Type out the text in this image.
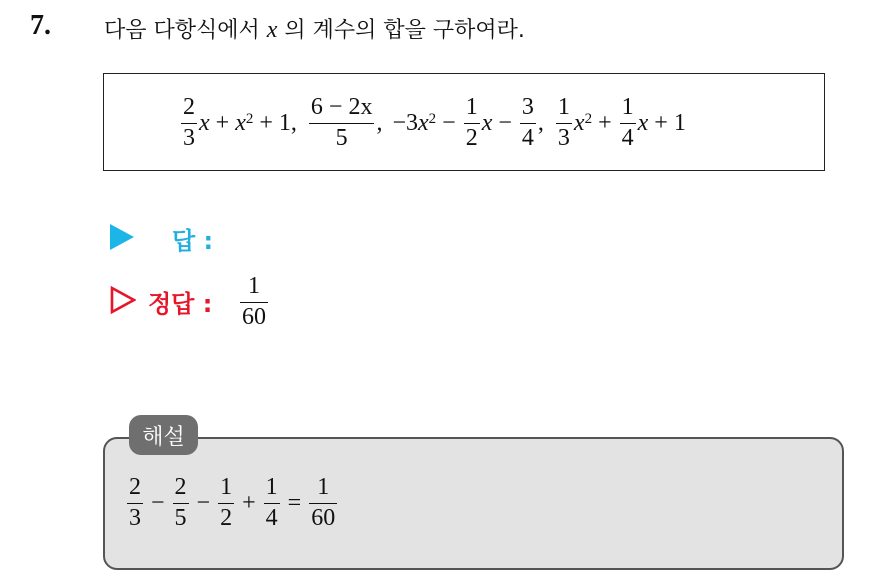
7. 다음 다항식에서 x 의 계수의 합을 구하여라.
$\frac{2}{3}$ $x + x^2 + 1$ , $\frac{6 - 2x}{5}$ , −3 $x^2 - \frac{1}{2}$ $x - \frac{3}{4}$ , $\frac{1}{3} x^2 + \frac{1}{4}$ x + 1
답 :
정답 : $\frac{1}{60}$
해설
$\frac{2}{3} - \frac{2}{5} - \frac{1}{2} + \frac{1}{4} = \frac{1}{60}$
